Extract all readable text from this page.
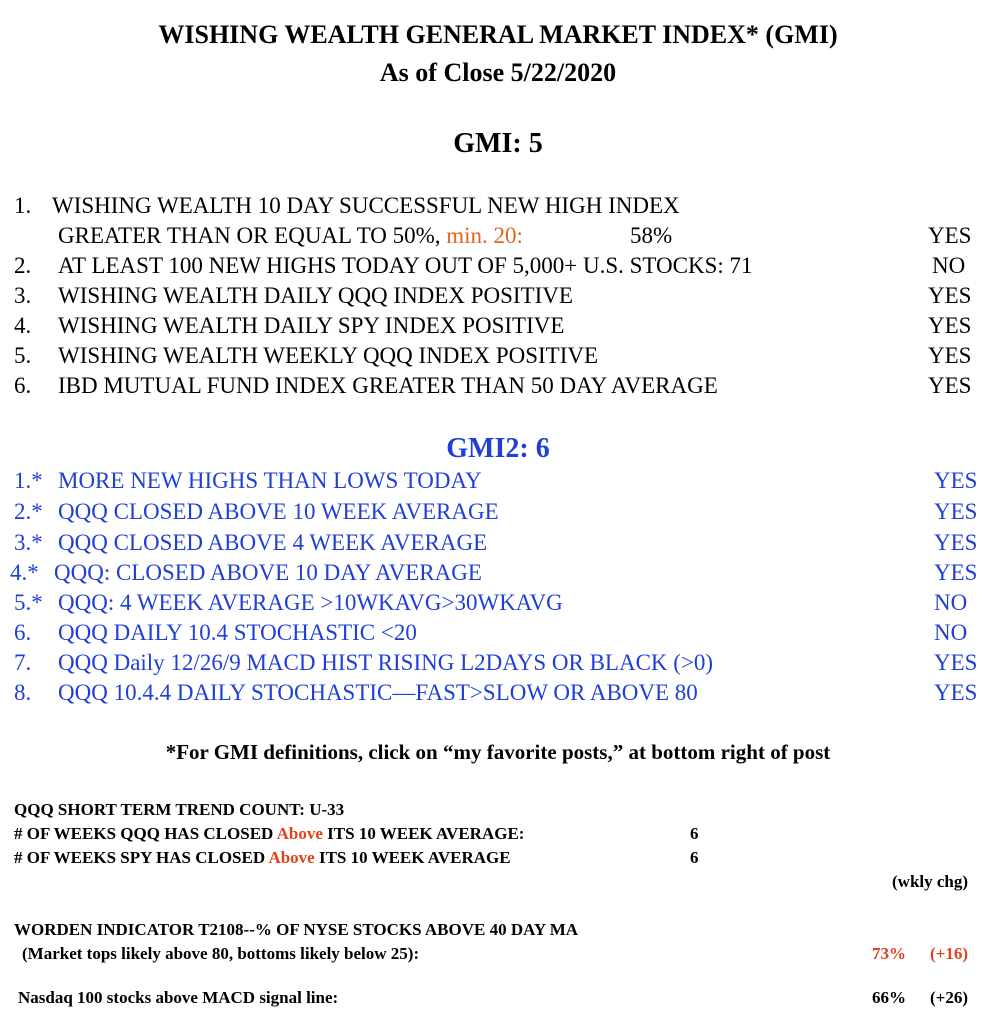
WISHING WEALTH GENERAL MARKET INDEX* (GMI)
As of Close 5/22/2020
GMI: 5
1. WISHING WEALTH 10 DAY SUCCESSFUL NEW HIGH INDEX
GREATER THAN OR EQUAL TO 50%, min. 20:	58%	YES
2. AT LEAST 100 NEW HIGHS TODAY OUT OF 5,000+ U.S. STOCKS: 71	NO
3. WISHING WEALTH DAILY QQQ INDEX POSITIVE	YES
4. WISHING WEALTH DAILY SPY INDEX POSITIVE	YES
5. WISHING WEALTH WEEKLY QQQ INDEX POSITIVE	YES
6. IBD MUTUAL FUND INDEX GREATER THAN 50 DAY AVERAGE	YES
GMI2: 6
1.* MORE NEW HIGHS THAN LOWS TODAY	YES
2.* QQQ CLOSED ABOVE 10 WEEK AVERAGE	YES
3.* QQQ CLOSED ABOVE 4 WEEK AVERAGE	YES
4.* QQQ: CLOSED ABOVE 10 DAY AVERAGE	YES
5.* QQQ: 4 WEEK AVERAGE >10WKAVG>30WKAVG	NO
6. QQQ DAILY 10.4 STOCHASTIC <20	NO
7. QQQ Daily 12/26/9 MACD HIST RISING L2DAYS OR BLACK (>0)	YES
8. QQQ 10.4.4 DAILY STOCHASTIC—FAST>SLOW OR ABOVE 80	YES
*For GMI definitions, click on “my favorite posts,” at bottom right of post
QQQ SHORT TERM TREND COUNT: U-33
# OF WEEKS QQQ HAS CLOSED Above ITS 10 WEEK AVERAGE:	6
# OF WEEKS SPY HAS CLOSED Above ITS 10 WEEK AVERAGE	6
(wkly chg)
WORDEN INDICATOR T2108--% OF NYSE STOCKS ABOVE 40 DAY MA
(Market tops likely above 80, bottoms likely below 25):	73% (+16)
Nasdaq 100 stocks above MACD signal line:	66% (+26)
